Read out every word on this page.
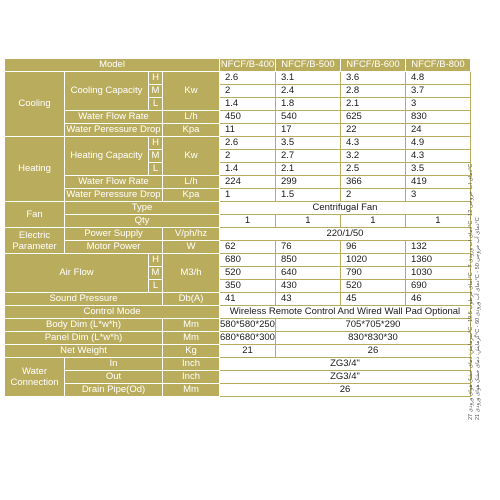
Model				NFCF/B-400	NFCF/B-500	NFCF/B-600	NFCF/B-800
Cooling	Cooling Capacity	H	Kw	2.6	3.1	3.6	4.8
		M		2	2.4	2.8	3.7
		L		1.4	1.8	2.1	3
	Water Flow Rate		L/h	450	540	625	830
	Water Peressure Drop		Kpa	11	17	22	24
Heating	Heating Capacity	H	Kw	2.6	3.5	4.3	4.9
		M		2	2.7	3.2	4.3
		L		1.4	2.1	2.5	3.5
	Water Flow Rate		L/h	224	299	366	419
	Water Peressure Drop		Kpa	1	1.5	2	3
Fan	Type			Centrifugal Fan			
	Qty			1	1	1	1
Electric Parameter	Power Supply		V/ph/hz	220/1/50			
	Motor Power		W	62	76	96	132
Air Flow		H	M3/h	680	850	1020	1360
		M		520	640	790	1030
		L		350	430	520	690
Sound Pressure			Db(A)	41	43	45	46
Control Mode				Wireless Remote Control And Wired Wall Pad Optional			
Body Dim (L*w*h)			Mm	580*580*250	705*705*290		
Panel Dim (L*w*h)			Mm	680*680*300	830*830*30		
Net Weight			Kg	21	26		
Water Connection	In		Inch	ZG3/4"			
	Out		Inch	ZG3/4"			
	Drain Pipe(Od)		Mm	26			
سرمایش: دمای خشک هوای ورودی 27°C - دمای مرطوب 19.5°C - دمای آب ورودی 7°C - دمای آب خروجی 12°C
گرمایش: دمای خشک هوای ورودی 21°C - دمای آب ورودی 60°C - دمای آب خروجی 50°C
